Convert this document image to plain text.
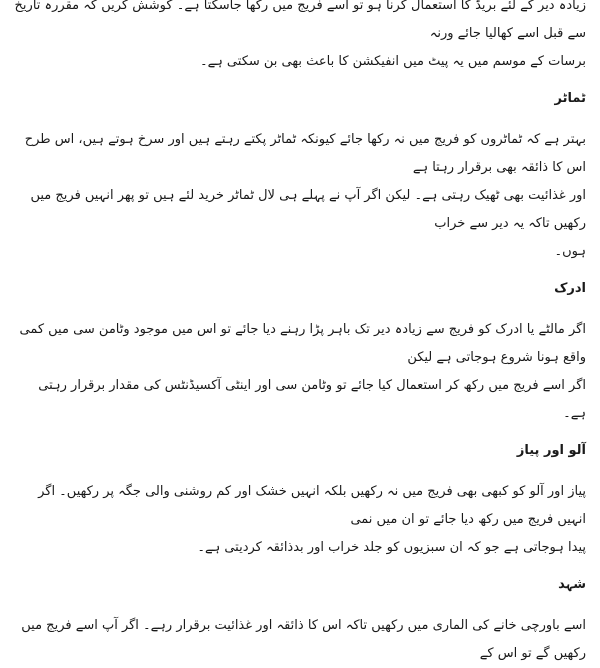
زیادہ دیر کے لئے بریڈ کا استعمال کرنا ہو تو اسے فریج میں رکھا جاسکتا ہے۔ کوشش کریں کہ مقررہ تاریخ سے قبل اسے کھالیا جائے ورنہ
برسات کے موسم میں یہ پیٹ میں انفیکشن کا باعث بھی بن سکتی ہے۔

ٹماٹر

بہتر ہے کہ ٹماٹروں کو فریج میں نہ رکھا جائے کیونکہ ٹماٹر پکتے رہتے ہیں اور سرخ ہوتے ہیں، اس طرح اس کا ذائقہ بھی برقرار رہتا ہے
اور غذائیت بھی ٹھیک رہتی ہے۔ لیکن اگر آپ نے پہلے ہی لال ٹماٹر خرید لئے ہیں تو پھر انہیں فریج میں رکھیں تاکہ یہ دیر سے خراب
ہوں۔

ادرک

اگر مالٹے یا ادرک کو فریج سے زیادہ دیر تک باہر پڑا رہنے دیا جائے تو اس میں موجود وٹامن سی میں کمی واقع ہونا شروع ہوجاتی ہے لیکن
اگر اسے فریج میں رکھ کر استعمال کیا جائے تو وٹامن سی اور اینٹی آکسیڈنٹس کی مقدار برقرار رہتی ہے۔

آلو اور پیاز

پیاز اور آلو کو کبھی بھی فریج میں نہ رکھیں بلکہ انہیں خشک اور کم روشنی والی جگہ پر رکھیں۔ اگر انہیں فریج میں رکھ دیا جائے تو ان میں نمی
پیدا ہوجاتی ہے جو کہ ان سبزیوں کو جلد خراب اور بدذائقہ کردیتی ہے۔

شہد

اسے باورچی خانے کی الماری میں رکھیں تاکہ اس کا ذائقہ اور غذائیت برقرار رہے۔ اگر آپ اسے فریج میں رکھیں گے تو اس کے
